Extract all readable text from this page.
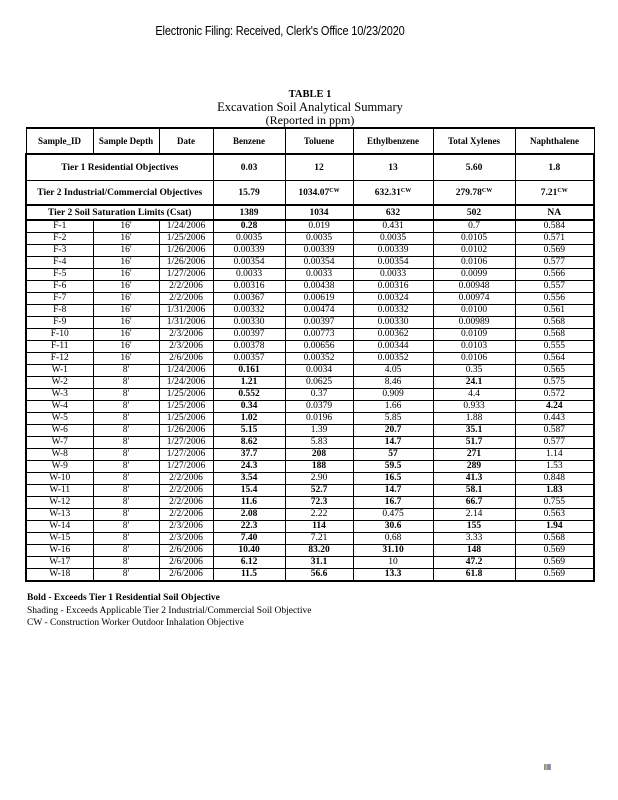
Electronic Filing: Received, Clerk's Office 10/23/2020
TABLE 1
Excavation Soil Analytical Summary
(Reported in ppm)
Sample_ID	Sample Depth	Date	Benzene	Toluene	Ethylbenzene	Total Xylenes	Naphthalene
Tier 1 Residential Objectives			0.03	12	13	5.60	1.8
Tier 2 Industrial/Commercial Objectives			15.79	$1034.07^{CW}$	$632.31^{CW}$	$279.78^{CW}$	$7.21^{CW}$
Tier 2 Soil Saturation Limits (Csat)			1389	1034	632	502	NA
F-1	16'	1/24/2006	0.28	0.019	0.431	0.7	0.584
F-2	16'	1/25/2006	0.0035	0.0035	0.0035	0.0105	0.571
F-3	16'	1/26/2006	0.00339	0.00339	0.00339	0.0102	0.569
F-4	16'	1/26/2006	0.00354	0.00354	0.00354	0.0106	0.577
F-5	16'	1/27/2006	0.0033	0.0033	0.0033	0.0099	0.566
F-6	16'	2/2/2006	0.00316	0.00438	0.00316	0.00948	0.557
F-7	16'	2/2/2006	0.00367	0.00619	0.00324	0.00974	0.556
F-8	16'	1/31/2006	0.00332	0.00474	0.00332	0.0100	0.561
F-9	16'	1/31/2006	0.00330	0.00397	0.00330	0.00989	0.568
F-10	16'	2/3/2006	0.00397	0.00773	0.00362	0.0109	0.568
F-11	16'	2/3/2006	0.00378	0.00656	0.00344	0.0103	0.555
F-12	16'	2/6/2006	0.00357	0.00352	0.00352	0.0106	0.564
W-1	8'	1/24/2006	0.161	0.0034	4.05	0.35	0.565
W-2	8'	1/24/2006	1.21	0.0625	8.46	24.1	0.575
W-3	8'	1/25/2006	0.552	0.37	0.909	4.4	0.572
W-4	8'	1/25/2006	0.34	0.0379	1.66	0.933	4.24
W-5	8'	1/25/2006	1.02	0.0196	5.85	1.88	0.443
W-6	8'	1/26/2006	5.15	1.39	20.7	35.1	0.587
W-7	8'	1/27/2006	8.62	5.83	14.7	51.7	0.577
W-8	8'	1/27/2006	37.7	208	57	271	1.14
W-9	8'	1/27/2006	24.3	188	59.5	289	1.53
W-10	8'	2/2/2006	3.54	2.90	16.5	41.3	0.848
W-11	8'	2/2/2006	15.4	52.7	14.7	58.1	1.83
W-12	8'	2/2/2006	11.6	72.3	16.7	66.7	0.755
W-13	8'	2/2/2006	2.08	2.22	0.475	2.14	0.563
W-14	8'	2/3/2006	22.3	114	30.6	155	1.94
W-15	8'	2/3/2006	7.40	7.21	0.68	3.33	0.568
W-16	8'	2/6/2006	10.40	83.20	31.10	148	0.569
W-17	8'	2/6/2006	6.12	31.1	10	47.2	0.569
W-18	8'	2/6/2006	11.5	56.6	13.3	61.8	0.569
Bold - Exceeds Tier 1 Residential Soil Objective
Shading - Exceeds Applicable Tier 2 Industrial/Commercial Soil Objective
CW - Construction Worker Outdoor Inhalation Objective
